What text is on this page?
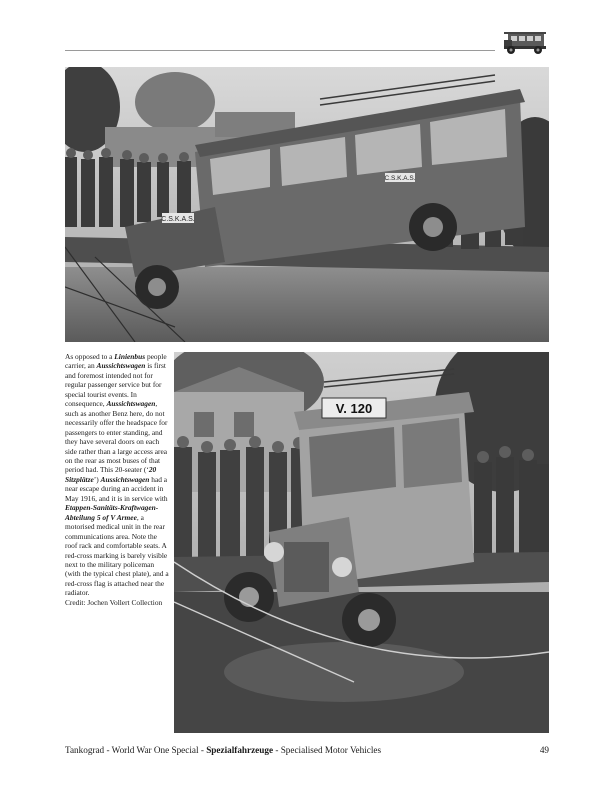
C.S.K.A.S.
C.S.K.A.S.
As opposed to a Linienbus people carrier, an Aussichtswagen is first and foremost intended not for regular passenger service but for special tourist events. In consequence, Aussichtswagen, such as another Benz here, do not necessarily offer the headspace for passengers to enter standing, and they have several doors on each side rather than a large access area on the rear as most buses of that period had. This 20-seater (‘20 Sitzplätze’) Aussichtswagen had a near escape during an accident in May 1916, and it is in service with Etappen-Sanitäts-Kraftwagen-Abteilung 5 of V Armee, a motorised medical unit in the rear communications area. Note the roof rack and comfortable seats. A red-cross marking is barely visible next to the military policeman (with the typical chest plate), and a red-cross flag is attached near the radiator.
Credit: Jochen Vollert Collection
V. 120
Tankograd - World War One Special - Spezialfahrzeuge - Specialised Motor Vehicles	49
